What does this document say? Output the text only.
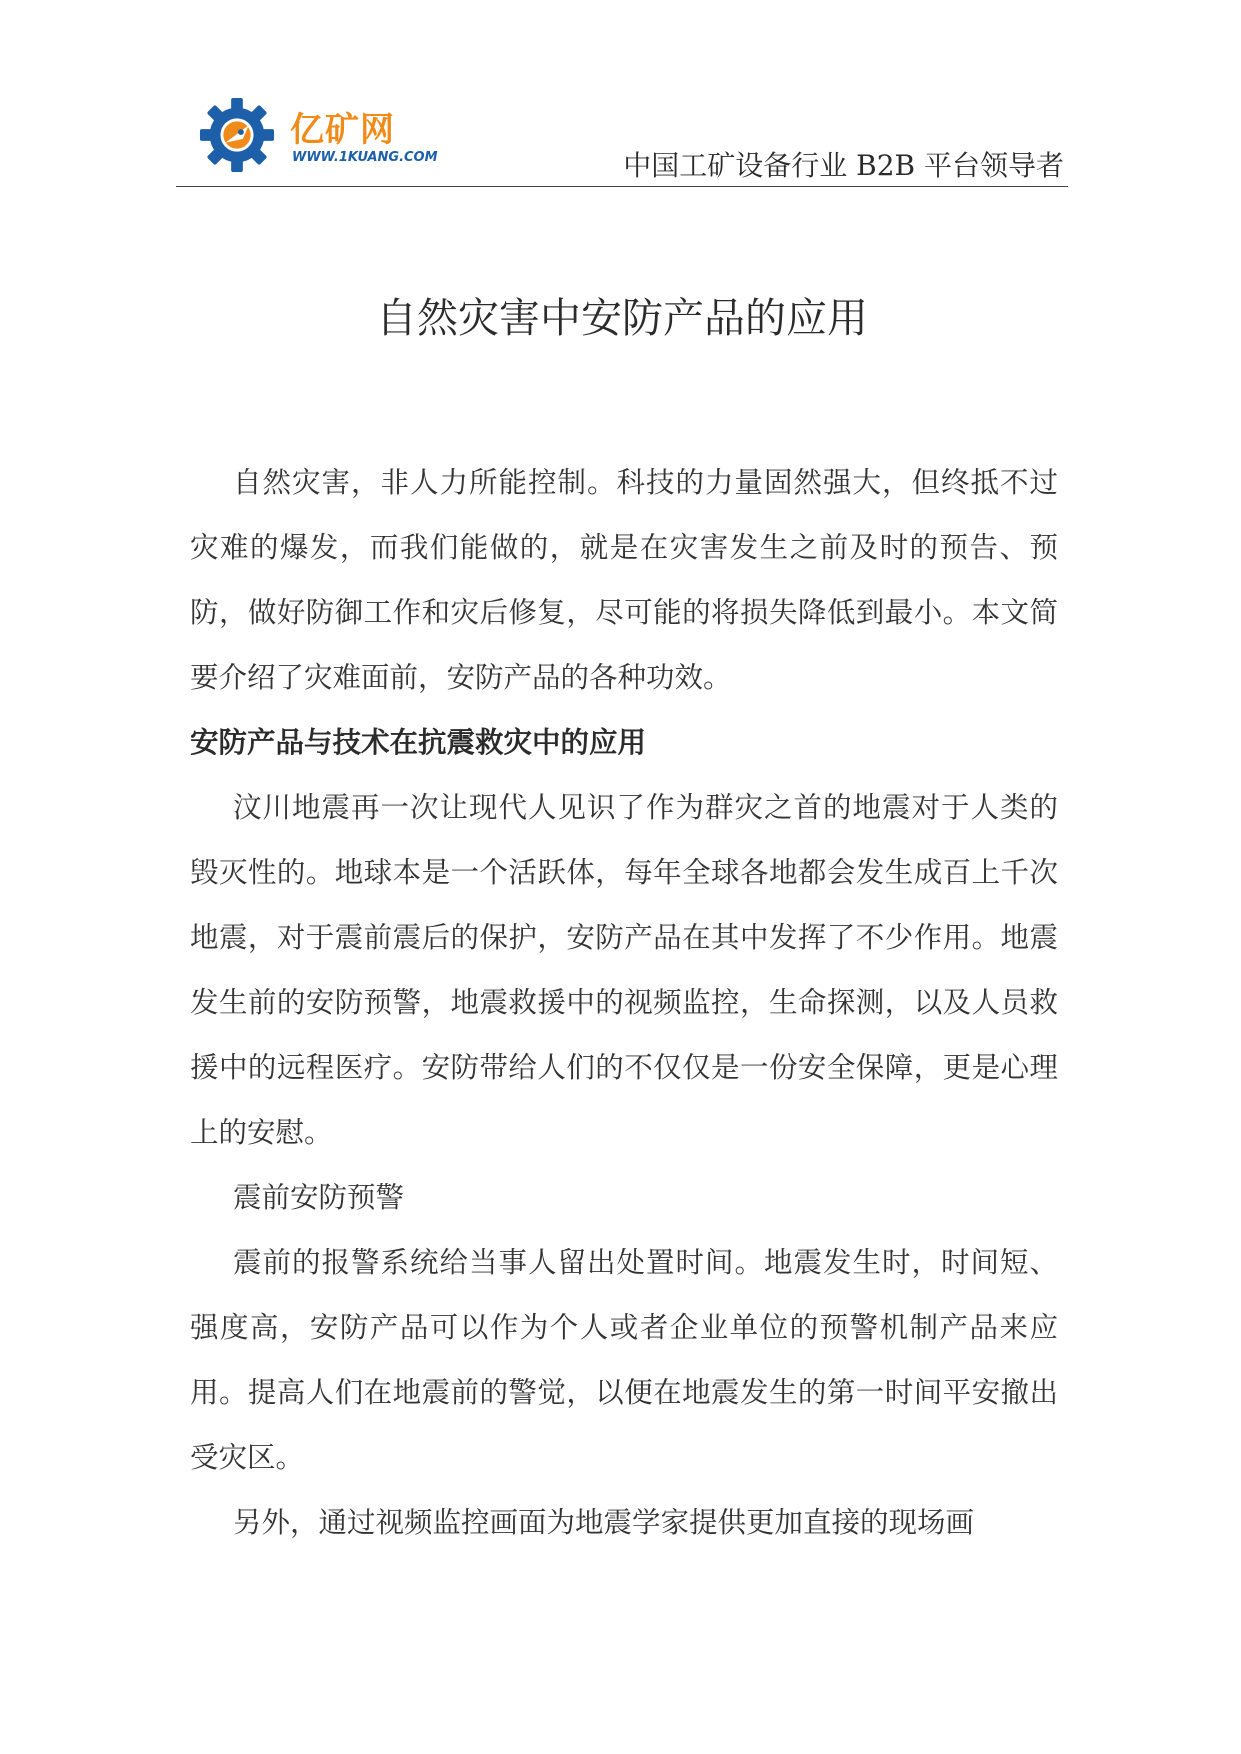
亿矿网
WWW.1KUANG.COM	中国工矿设备行业 B2B 平台领导者
自然灾害中安防产品的应用

自然灾害，非人力所能控制。科技的力量固然强大，但终抵不过灾难的爆发，而我们能做的，就是在灾害发生之前及时的预告、预防，做好防御工作和灾后修复，尽可能的将损失降低到最小。本文简要介绍了灾难面前，安防产品的各种功效。

安防产品与技术在抗震救灾中的应用

汶川地震再一次让现代人见识了作为群灾之首的地震对于人类的毁灭性的。地球本是一个活跃体，每年全球各地都会发生成百上千次地震，对于震前震后的保护，安防产品在其中发挥了不少作用。地震发生前的安防预警，地震救援中的视频监控，生命探测，以及人员救援中的远程医疗。安防带给人们的不仅仅是一份安全保障，更是心理上的安慰。

震前安防预警

震前的报警系统给当事人留出处置时间。地震发生时，时间短、强度高，安防产品可以作为个人或者企业单位的预警机制产品来应用。提高人们在地震前的警觉，以便在地震发生的第一时间平安撤出受灾区。

另外，通过视频监控画面为地震学家提供更加直接的现场画
